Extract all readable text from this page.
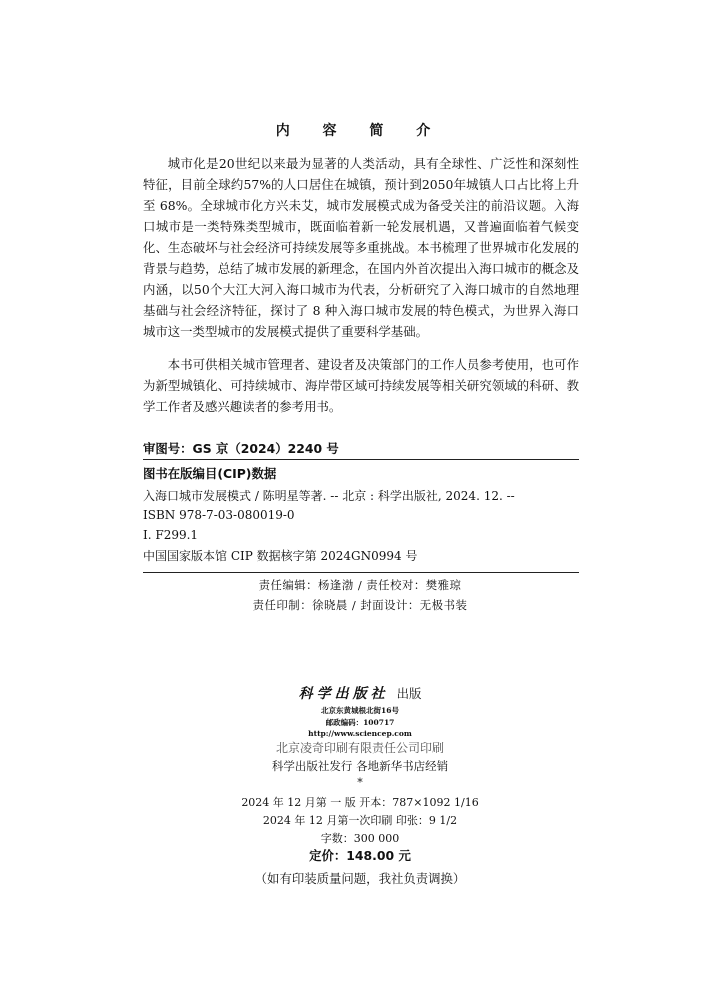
内 容 简 介
城市化是20世纪以来最为显著的人类活动，具有全球性、广泛性和深刻性特征，目前全球约57%的人口居住在城镇，预计到2050年城镇人口占比将上升至 68%。全球城市化方兴未艾，城市发展模式成为备受关注的前沿议题。入海口城市是一类特殊类型城市，既面临着新一轮发展机遇，又普遍面临着气候变化、生态破坏与社会经济可持续发展等多重挑战。本书梳理了世界城市化发展的背景与趋势，总结了城市发展的新理念，在国内外首次提出入海口城市的概念及内涵，以50个大江大河入海口城市为代表，分析研究了入海口城市的自然地理基础与社会经济特征，探讨了 8 种入海口城市发展的特色模式，为世界入海口城市这一类型城市的发展模式提供了重要科学基础。
本书可供相关城市管理者、建设者及决策部门的工作人员参考使用，也可作为新型城镇化、可持续城市、海岸带区域可持续发展等相关研究领域的科研、教学工作者及感兴趣读者的参考用书。
审图号：GS 京（2024）2240 号
图书在版编目(CIP)数据
入海口城市发展模式 / 陈明星等著. -- 北京 : 科学出版社, 2024. 12. --
ISBN 978-7-03-080019-0
Ⅰ. F299.1
中国国家版本馆 CIP 数据核字第 2024GN0994 号
责任编辑：杨逢渤 / 责任校对：樊雅琼
责任印制：徐晓晨 / 封面设计：无极书装
科学出版社 出版
北京东黄城根北街16号
邮政编码：100717
http://www.sciencep.com
北京凌奇印刷有限责任公司印刷
科学出版社发行 各地新华书店经销
*
2024 年 12 月第 一 版 开本：787×1092 1/16
2024 年 12 月第一次印刷 印张：9 1/2
字数：300 000
定价：148.00 元
（如有印装质量问题，我社负责调换）
